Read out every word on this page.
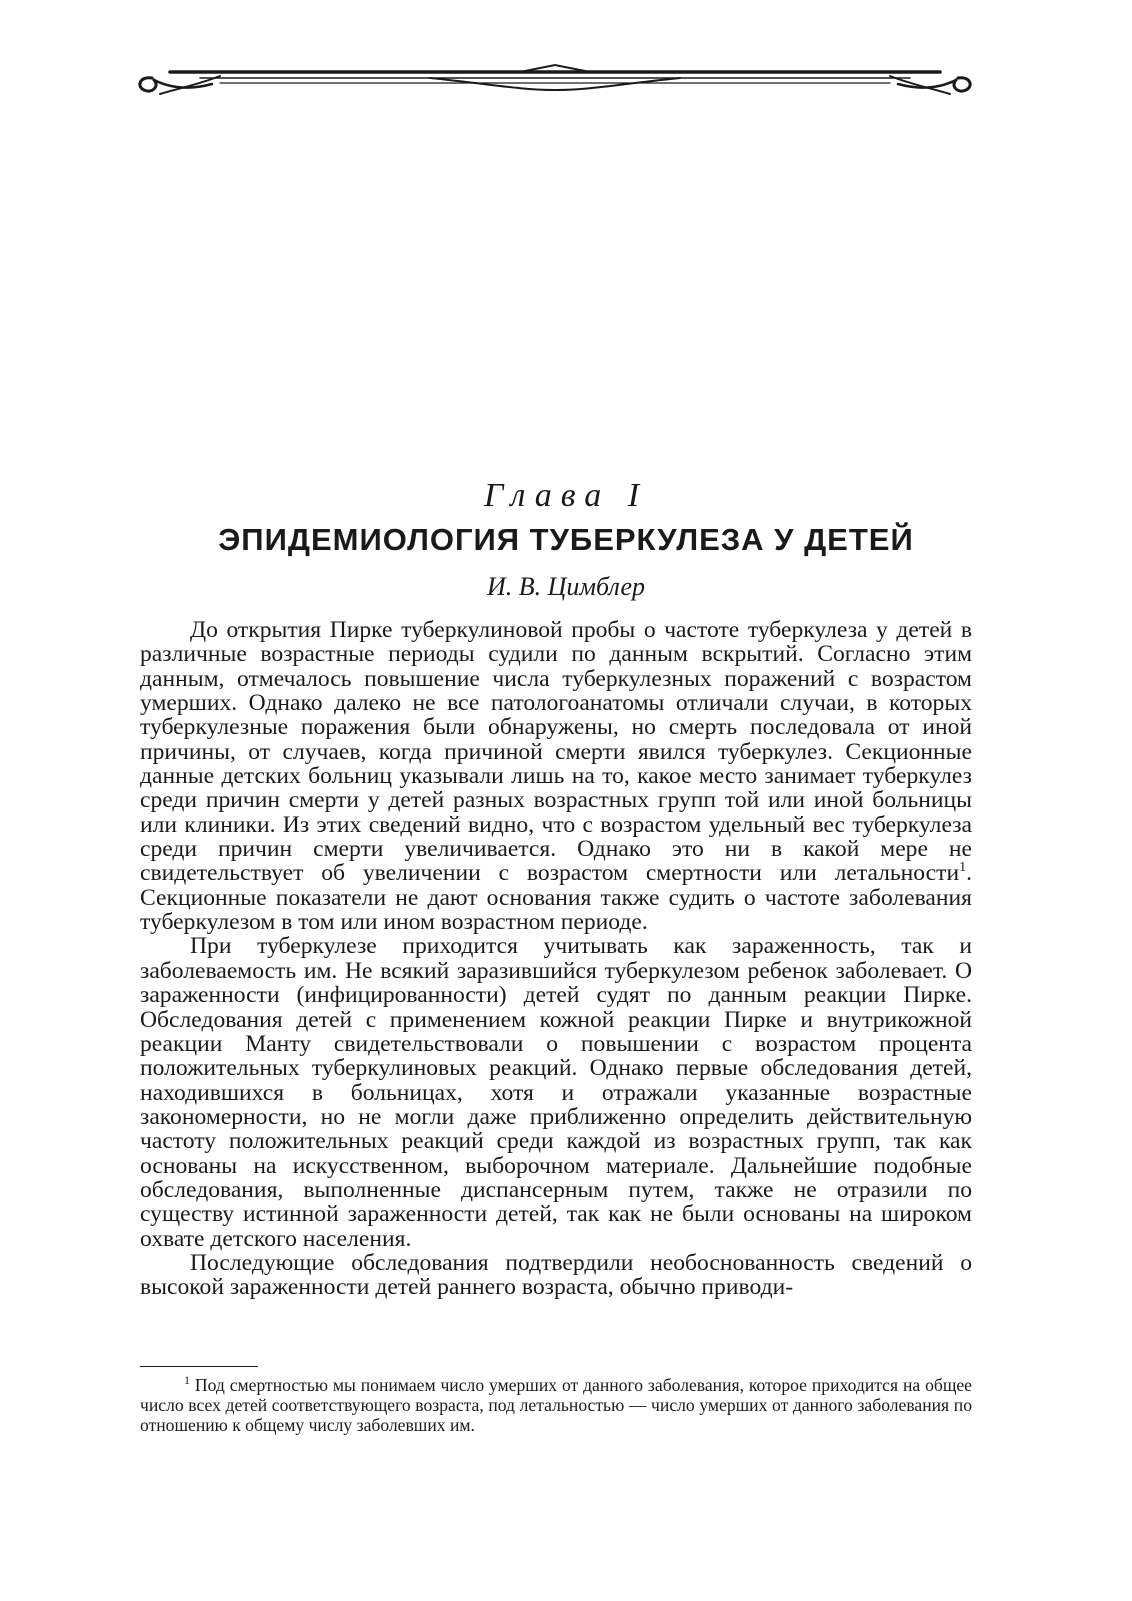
Глава I
ЭПИДЕМИОЛОГИЯ ТУБЕРКУЛЕЗА У ДЕТЕЙ
И. В. Цимблер

До открытия Пирке туберкулиновой пробы о частоте туберкулеза у детей в различные возрастные периоды судили по данным вскрытий. Согласно этим данным, отмечалось повышение числа туберкулезных поражений с возрастом умерших. Однако далеко не все патологоанатомы отличали случаи, в которых туберкулезные поражения были обнаружены, но смерть последовала от иной причины, от случаев, когда причиной смерти явился туберкулез. Секционные данные детских больниц указывали лишь на то, какое место занимает туберкулез среди причин смерти у детей разных возрастных групп той или иной больницы или клиники. Из этих сведений видно, что с возрастом удельный вес туберкулеза среди причин смерти увеличивается. Однако это ни в какой мере не свидетельствует об увеличении с возрастом смертности или летальности$^1$. Секционные показатели не дают основания также судить о частоте заболевания туберкулезом в том или ином возрастном периоде.

При туберкулезе приходится учитывать как зараженность, так и заболеваемость им. Не всякий заразившийся туберкулезом ребенок заболевает. О зараженности (инфицированности) детей судят по данным реакции Пирке. Обследования детей с применением кожной реакции Пирке и внутрикожной реакции Манту свидетельствовали о повышении с возрастом процента положительных туберкулиновых реакций. Однако первые обследования детей, находившихся в больницах, хотя и отражали указанные возрастные закономерности, но не могли даже приближенно определить действительную частоту положительных реакций среди каждой из возрастных групп, так как основаны на искусственном, выборочном материале. Дальнейшие подобные обследования, выполненные диспансерным путем, также не отразили по существу истинной зараженности детей, так как не были основаны на широком охвате детского населения.

Последующие обследования подтвердили необоснованность сведений о высокой зараженности детей раннего возраста, обычно приводи-

$^1$ Под смертностью мы понимаем число умерших от данного заболевания, которое приходится на общее число всех детей соответствующего возраста, под летальностью — число умерших от данного заболевания по отношению к общему числу заболевших им.
